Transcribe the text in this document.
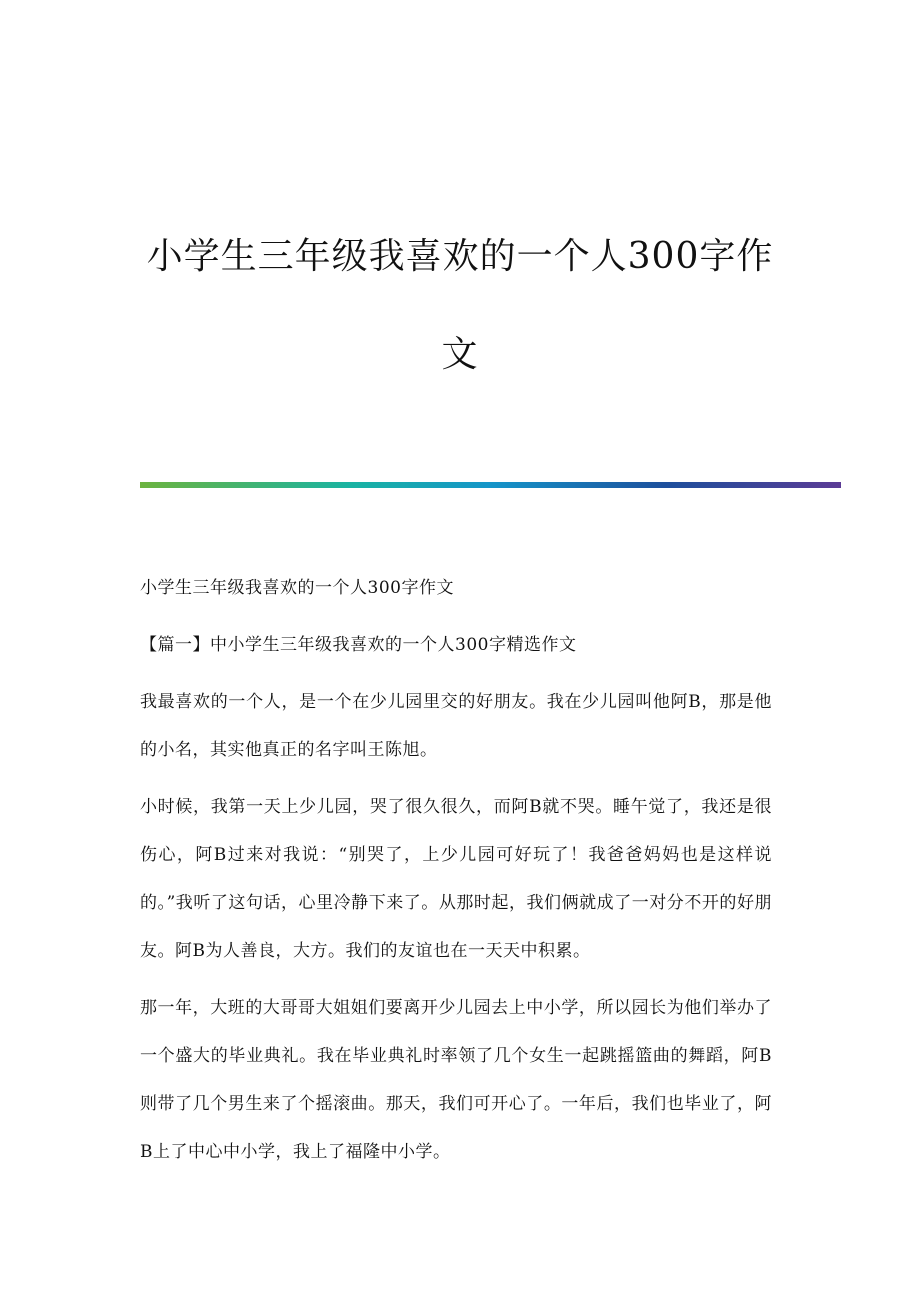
小学生三年级我喜欢的一个人300字作文

小学生三年级我喜欢的一个人300字作文

【篇一】中小学生三年级我喜欢的一个人300字精选作文

我最喜欢的一个人，是一个在少儿园里交的好朋友。我在少儿园叫他阿B，那是他的小名，其实他真正的名字叫王陈旭。

小时候，我第一天上少儿园，哭了很久很久，而阿B就不哭。睡午觉了，我还是很伤心，阿B过来对我说：“别哭了，上少儿园可好玩了！我爸爸妈妈也是这样说的。”我听了这句话，心里冷静下来了。从那时起，我们俩就成了一对分不开的好朋友。阿B为人善良，大方。我们的友谊也在一天天中积累。

那一年，大班的大哥哥大姐姐们要离开少儿园去上中小学，所以园长为他们举办了一个盛大的毕业典礼。我在毕业典礼时率领了几个女生一起跳摇篮曲的舞蹈，阿B则带了几个男生来了个摇滚曲。那天，我们可开心了。一年后，我们也毕业了，阿B上了中心中小学，我上了福隆中小学。
